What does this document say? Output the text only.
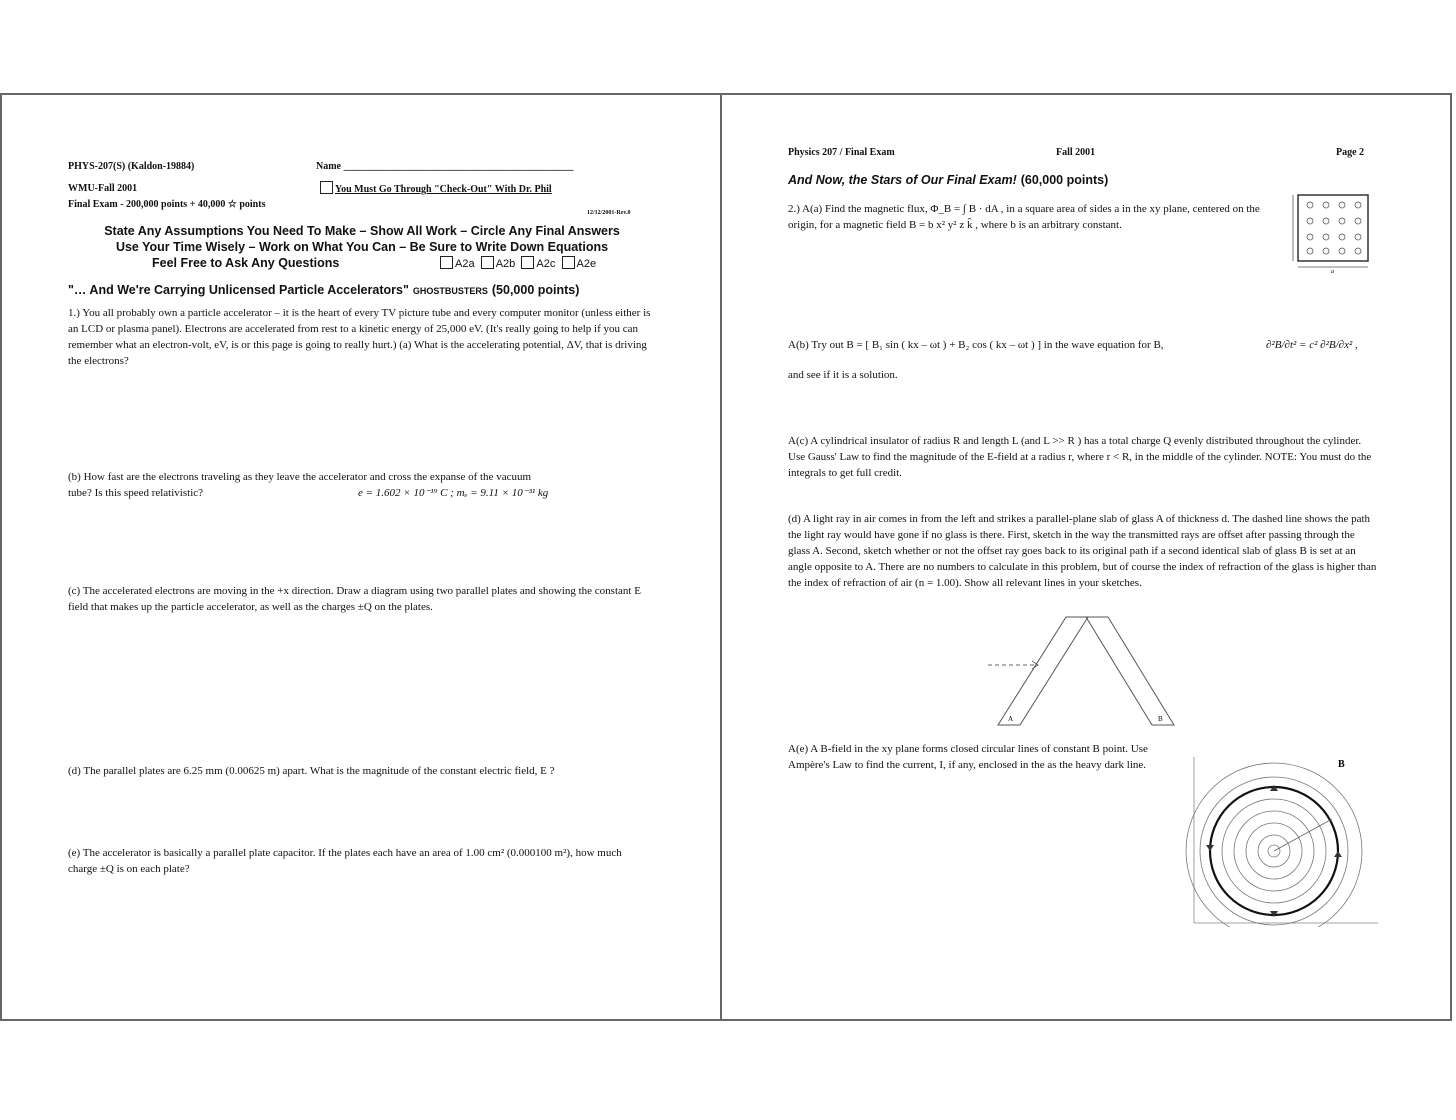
PHYS-207(S) (Kaldon-19884)	Name ______________________________________________
WMU-Fall 2001	You Must Go Through "Check-Out" With Dr. Phil
Final Exam - 200,000 points + 40,000 ☆ points
12/12/2001-Rev.0
State Any Assumptions You Need To Make – Show All Work – Circle Any Final Answers
Use Your Time Wisely – Work on What You Can – Be Sure to Write Down Equations
Feel Free to Ask Any Questions	A2a A2b A2c A2e
"… And We're Carrying Unlicensed Particle Accelerators" GHOSTBUSTERS (50,000 points)
1.) You all probably own a particle accelerator – it is the heart of every TV picture tube and every computer monitor (unless either is an LCD or plasma panel). Electrons are accelerated from rest to a kinetic energy of 25,000 eV. (It's really going to help if you can remember what an electron-volt, eV, is or this page is going to really hurt.) (a) What is the accelerating potential, ΔV, that is driving the electrons?
(b) How fast are the electrons traveling as they leave the accelerator and cross the expanse of the vacuum
tube? Is this speed relativistic?	e = 1.602 × 10⁻¹⁹ C ; mₑ = 9.11 × 10⁻³¹ kg
(c) The accelerated electrons are moving in the +x direction. Draw a diagram using two parallel plates and showing the constant E field that makes up the particle accelerator, as well as the charges ±Q on the plates.
(d) The parallel plates are 6.25 mm (0.00625 m) apart. What is the magnitude of the constant electric field, E ?
(e) The accelerator is basically a parallel plate capacitor. If the plates each have an area of 1.00 cm² (0.000100 m²), how much charge ±Q is on each plate?
Physics 207 / Final Exam	Fall 2001	Page 2
And Now, the Stars of Our Final Exam! (60,000 points)
2.) A(a) Find the magnetic flux, Φ_B = ∫ B · dA , in a square area of sides a in the xy plane, centered on the origin, for a magnetic field B = b x² y² z k̂ , where b is an arbitrary constant.
a
A(b) Try out B = [ B₁ sin ( kx – ωt ) + B₂ cos ( kx – ωt ) ] in the wave equation for B,	∂²B/∂t² = c² ∂²B/∂x² ,
and see if it is a solution.
A(c) A cylindrical insulator of radius R and length L (and L >> R ) has a total charge Q evenly distributed throughout the cylinder. Use Gauss' Law to find the magnitude of the E-field at a radius r, where r < R, in the middle of the cylinder. NOTE: You must do the integrals to get full credit.
(d) A light ray in air comes in from the left and strikes a parallel-plane slab of glass A of thickness d. The dashed line shows the path the light ray would have gone if no glass is there. First, sketch in the way the transmitted rays are offset after passing through the glass A. Second, sketch whether or not the offset ray goes back to its original path if a second identical slab of glass B is set at an angle opposite to A. There are no numbers to calculate in this problem, but of course the index of refraction of the glass is higher than the index of refraction of air (n = 1.00). Show all relevant lines in your sketches.
A	B
A(e) A B-field in the xy plane forms closed circular lines of constant B point. Use Ampère's Law to find the current, I, if any, enclosed in the as the heavy dark line.	B
